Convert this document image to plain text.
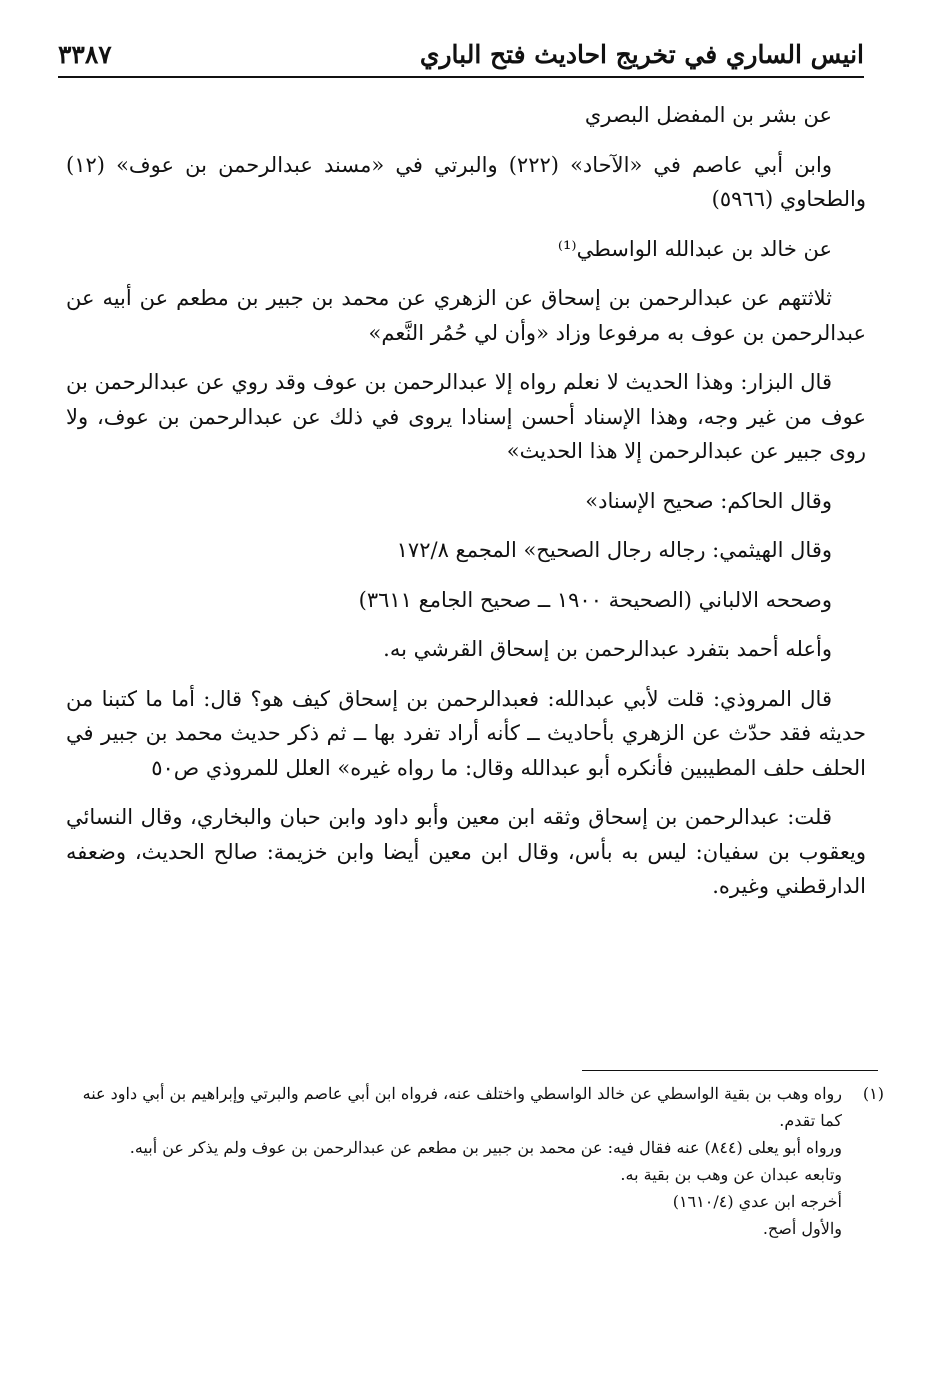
انيس الساري في تخريج احاديث فتح الباري
٣٣٨٧

عن بشر بن المفضل البصري

وابن أبي عاصم في «الآحاد» (٢٢٢) والبرتي في «مسند عبدالرحمن بن عوف» (١٢) والطحاوي (٥٩٦٦)

عن خالد بن عبدالله الواسطي⁽¹⁾

ثلاثتهم عن عبدالرحمن بن إسحاق عن الزهري عن محمد بن جبير بن مطعم عن أبيه عن عبدالرحمن بن عوف به مرفوعا وزاد «وأن لي حُمُر النَّعم»

قال البزار: وهذا الحديث لا نعلم رواه إلا عبدالرحمن بن عوف وقد روي عن عبدالرحمن بن عوف من غير وجه، وهذا الإسناد أحسن إسنادا يروى في ذلك عن عبدالرحمن بن عوف، ولا روى جبير عن عبدالرحمن إلا هذا الحديث»

وقال الحاكم: صحيح الإسناد»

وقال الهيثمي: رجاله رجال الصحيح» المجمع ١٧٢/٨

وصححه الالباني (الصحيحة ١٩٠٠ ــ صحيح الجامع ٣٦١١)

وأعله أحمد بتفرد عبدالرحمن بن إسحاق القرشي به.

قال المروذي: قلت لأبي عبدالله: فعبدالرحمن بن إسحاق كيف هو؟ قال: أما ما كتبنا من حديثه فقد حدّث عن الزهري بأحاديث ــ كأنه أراد تفرد بها ــ ثم ذكر حديث محمد بن جبير في الحلف حلف المطيبين فأنكره أبو عبدالله وقال: ما رواه غيره» العلل للمروذي ص٥٠

قلت: عبدالرحمن بن إسحاق وثقه ابن معين وأبو داود وابن حبان والبخاري، وقال النسائي ويعقوب بن سفيان: ليس به بأس، وقال ابن معين أيضا وابن خزيمة: صالح الحديث، وضعفه الدارقطني وغيره.

(١)

رواه وهب بن بقية الواسطي عن خالد الواسطي واختلف عنه، فرواه ابن أبي عاصم والبرتي وإبراهيم بن أبي داود عنه كما تقدم.

ورواه أبو يعلى (٨٤٤) عنه فقال فيه: عن محمد بن جبير بن مطعم عن عبدالرحمن بن عوف ولم يذكر عن أبيه.

وتابعه عبدان عن وهب بن بقية به.

أخرجه ابن عدي (١٦١٠/٤)

والأول أصح.
